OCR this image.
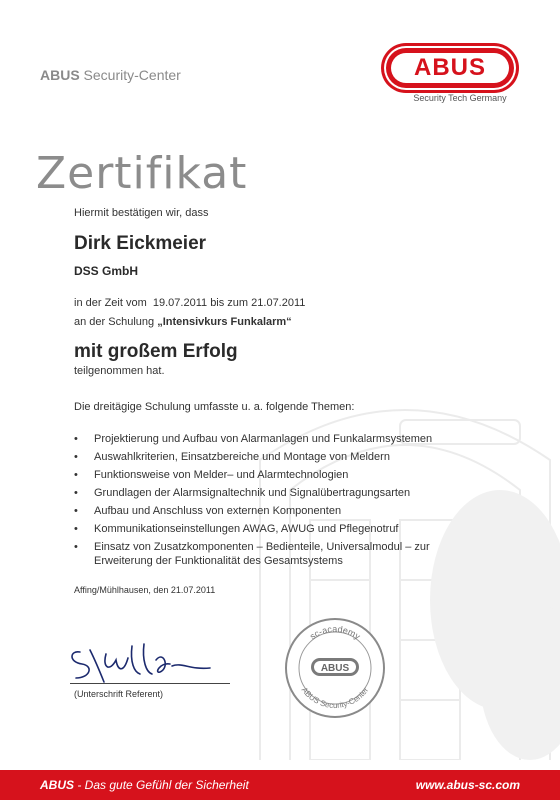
ABUS Security-Center	ABUS
Security Tech Germany
Zertifikat
Hiermit bestätigen wir, dass
Dirk Eickmeier
DSS GmbH
in der Zeit vom 19.07.2011 bis zum 21.07.2011
an der Schulung „Intensivkurs Funkalarm“
mit großem Erfolg
teilgenommen hat.
Die dreitägige Schulung umfasste u. a. folgende Themen:
• Projektierung und Aufbau von Alarmanlagen und Funkalarmsystemen
• Auswahlkriterien, Einsatzbereiche und Montage von Meldern
• Funktionsweise von Melder– und Alarmtechnologien
• Grundlagen der Alarmsignaltechnik und Signalübertragungsarten
• Aufbau und Anschluss von externen Komponenten
• Kommunikationseinstellungen AWAG, AWUG und Pflegenotruf
• Einsatz von Zusatzkomponenten – Bedienteile, Universalmodul – zur Erweiterung der Funktionalität des Gesamtsystems
Affing/Mühlhausen, den 21.07.2011
(Unterschrift Referent)
sc-academy
ABUS
ABUS Security-Center
ABUS - Das gute Gefühl der Sicherheit	www.abus-sc.com
